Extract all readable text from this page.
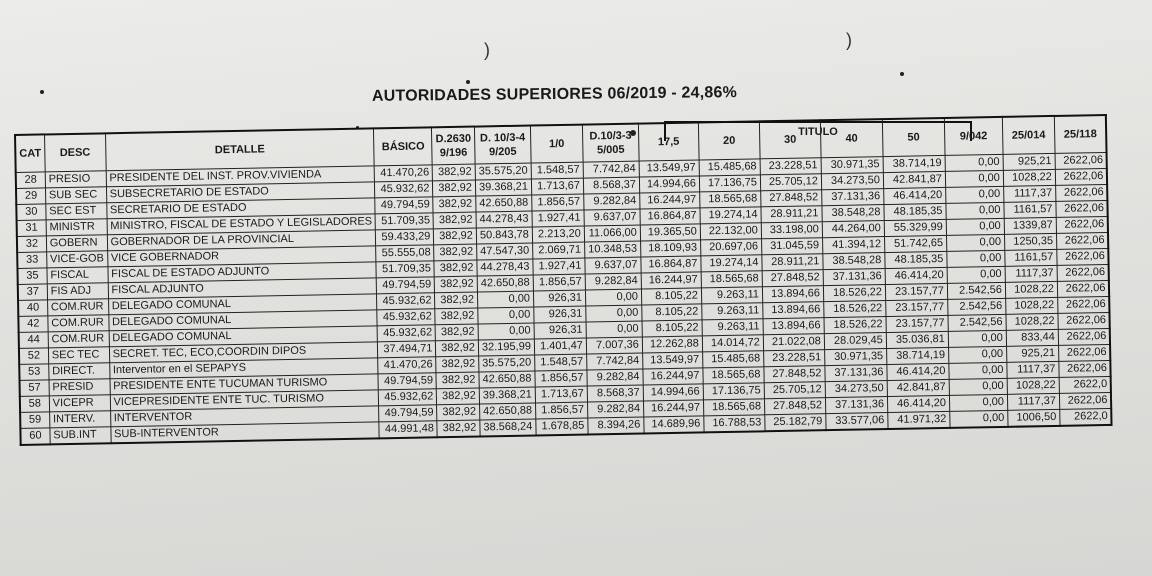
)	)
AUTORIDADES SUPERIORES 06/2019 - 24,86%
TITULO
CAT	DESC	DETALLE	BÁSICO	D.2630 9/196	D. 10/3-4 9/205	1/0	D.10/3-3 5/005	17,5	20	30	40	50	9/042	25/014	25/118
28	PRESIO	PRESIDENTE DEL INST. PROV.VIVIENDA	41.470,26	382,92	35.575,20	1.548,57	7.742,84	13.549,97	15.485,68	23.228,51	30.971,35	38.714,19	0,00	925,21	2622,06
29	SUB SEC	SUBSECRETARIO DE ESTADO	45.932,62	382,92	39.368,21	1.713,67	8.568,37	14.994,66	17.136,75	25.705,12	34.273,50	42.841,87	0,00	1028,22	2622,06
30	SEC EST	SECRETARIO DE ESTADO	49.794,59	382,92	42.650,88	1.856,57	9.282,84	16.244,97	18.565,68	27.848,52	37.131,36	46.414,20	0,00	1117,37	2622,06
31	MINISTR	MINISTRO, FISCAL DE ESTADO Y LEGISLADORES	51.709,35	382,92	44.278,43	1.927,41	9.637,07	16.864,87	19.274,14	28.911,21	38.548,28	48.185,35	0,00	1161,57	2622,06
32	GOBERN	GOBERNADOR DE LA PROVINCIAL	59.433,29	382,92	50.843,78	2.213,20	11.066,00	19.365,50	22.132,00	33.198,00	44.264,00	55.329,99	0,00	1339,87	2622,06
33	VICE-GOB	VICE GOBERNADOR	55.555,08	382,92	47.547,30	2.069,71	10.348,53	18.109,93	20.697,06	31.045,59	41.394,12	51.742,65	0,00	1250,35	2622,06
35	FISCAL	FISCAL DE ESTADO ADJUNTO	51.709,35	382,92	44.278,43	1.927,41	9.637,07	16.864,87	19.274,14	28.911,21	38.548,28	48.185,35	0,00	1161,57	2622,06
37	FIS ADJ	FISCAL ADJUNTO	49.794,59	382,92	42.650,88	1.856,57	9.282,84	16.244,97	18.565,68	27.848,52	37.131,36	46.414,20	0,00	1117,37	2622,06
40	COM.RUR	DELEGADO COMUNAL	45.932,62	382,92	0,00	926,31	0,00	8.105,22	9.263,11	13.894,66	18.526,22	23.157,77	2.542,56	1028,22	2622,06
42	COM.RUR	DELEGADO COMUNAL	45.932,62	382,92	0,00	926,31	0,00	8.105,22	9.263,11	13.894,66	18.526,22	23.157,77	2.542,56	1028,22	2622,06
44	COM.RUR	DELEGADO COMUNAL	45.932,62	382,92	0,00	926,31	0,00	8.105,22	9.263,11	13.894,66	18.526,22	23.157,77	2.542,56	1028,22	2622,06
52	SEC TEC	SECRET. TEC, ECO,COORDIN DIPOS	37.494,71	382,92	32.195,99	1.401,47	7.007,36	12.262,88	14.014,72	21.022,08	28.029,45	35.036,81	0,00	833,44	2622,06
53	DIRECT.	Interventor en el SEPAPYS	41.470,26	382,92	35.575,20	1.548,57	7.742,84	13.549,97	15.485,68	23.228,51	30.971,35	38.714,19	0,00	925,21	2622,06
57	PRESID	PRESIDENTE ENTE TUCUMAN TURISMO	49.794,59	382,92	42.650,88	1.856,57	9.282,84	16.244,97	18.565,68	27.848,52	37.131,36	46.414,20	0,00	1117,37	2622,06
58	VICEPR	VICEPRESIDENTE ENTE TUC. TURISMO	45.932,62	382,92	39.368,21	1.713,67	8.568,37	14.994,66	17.136,75	25.705,12	34.273,50	42.841,87	0,00	1028,22	2622,0
59	INTERV.	INTERVENTOR	49.794,59	382,92	42.650,88	1.856,57	9.282,84	16.244,97	18.565,68	27.848,52	37.131,36	46.414,20	0,00	1117,37	2622,06
60	SUB.INT	SUB-INTERVENTOR	44.991,48	382,92	38.568,24	1.678,85	8.394,26	14.689,96	16.788,53	25.182,79	33.577,06	41.971,32	0,00	1006,50	2622,0
